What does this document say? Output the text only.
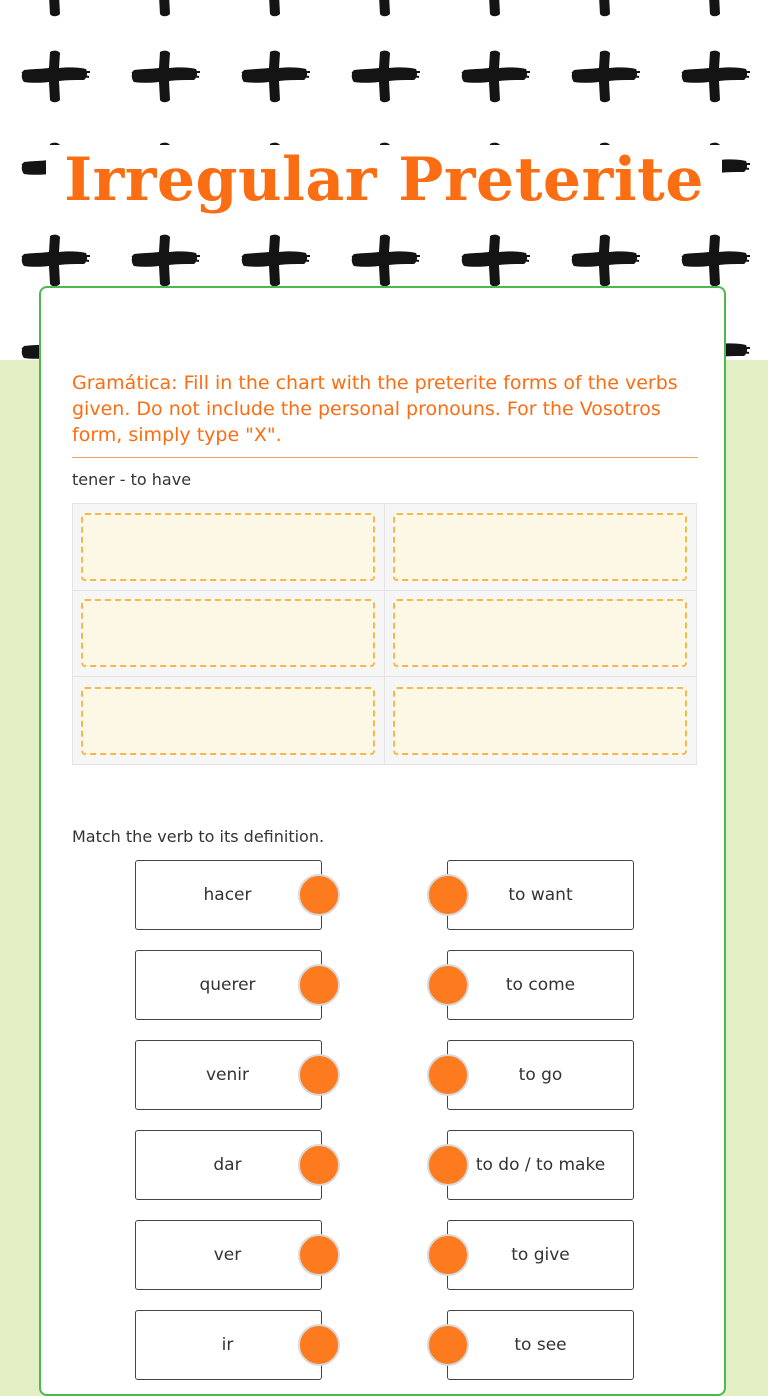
Irregular Preterite

Gramática: Fill in the chart with the preterite forms of the verbs given. Do not include the personal pronouns. For the Vosotros form, simply type "X".

tener - to have
Match the verb to its definition.
hacer	to want
querer	to come
venir	to go
dar	to do / to make
ver	to give
ir	to see
